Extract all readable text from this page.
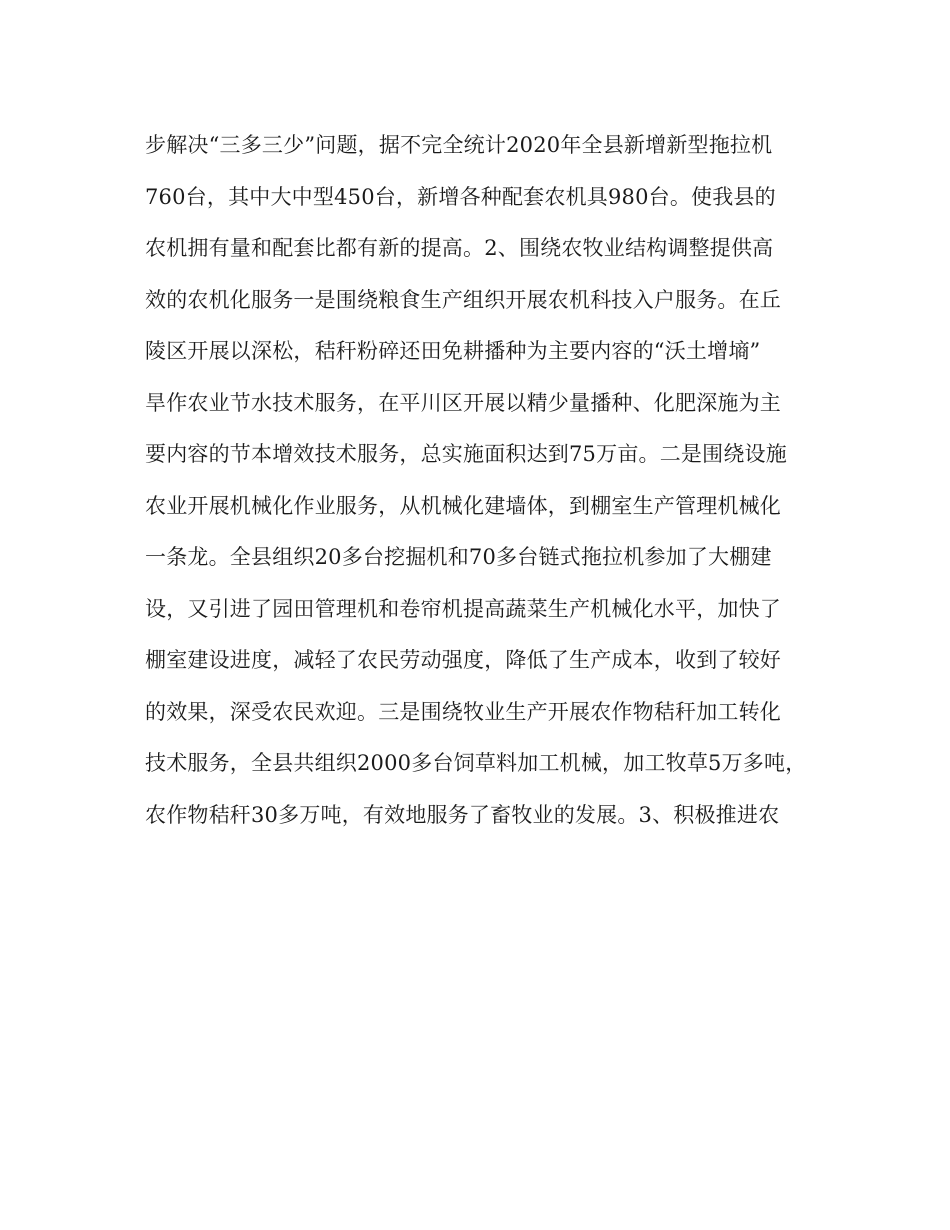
步解决“三多三少”问题，据不完全统计2020年全县新增新型拖拉机
760台，其中大中型450台，新增各种配套农机具980台。使我县的
农机拥有量和配套比都有新的提高。2、围绕农牧业结构调整提供高
效的农机化服务一是围绕粮食生产组织开展农机科技入户服务。在丘
陵区开展以深松，秸秆粉碎还田免耕播种为主要内容的“沃土增墒”
旱作农业节水技术服务，在平川区开展以精少量播种、化肥深施为主
要内容的节本增效技术服务，总实施面积达到75万亩。二是围绕设施
农业开展机械化作业服务，从机械化建墙体，到棚室生产管理机械化
一条龙。全县组织20多台挖掘机和70多台链式拖拉机参加了大棚建
设，又引进了园田管理机和卷帘机提高蔬菜生产机械化水平，加快了
棚室建设进度，减轻了农民劳动强度，降低了生产成本，收到了较好
的效果，深受农民欢迎。三是围绕牧业生产开展农作物秸秆加工转化
技术服务，全县共组织2000多台饲草料加工机械，加工牧草5万多吨，
农作物秸秆30多万吨，有效地服务了畜牧业的发展。3、积极推进农
